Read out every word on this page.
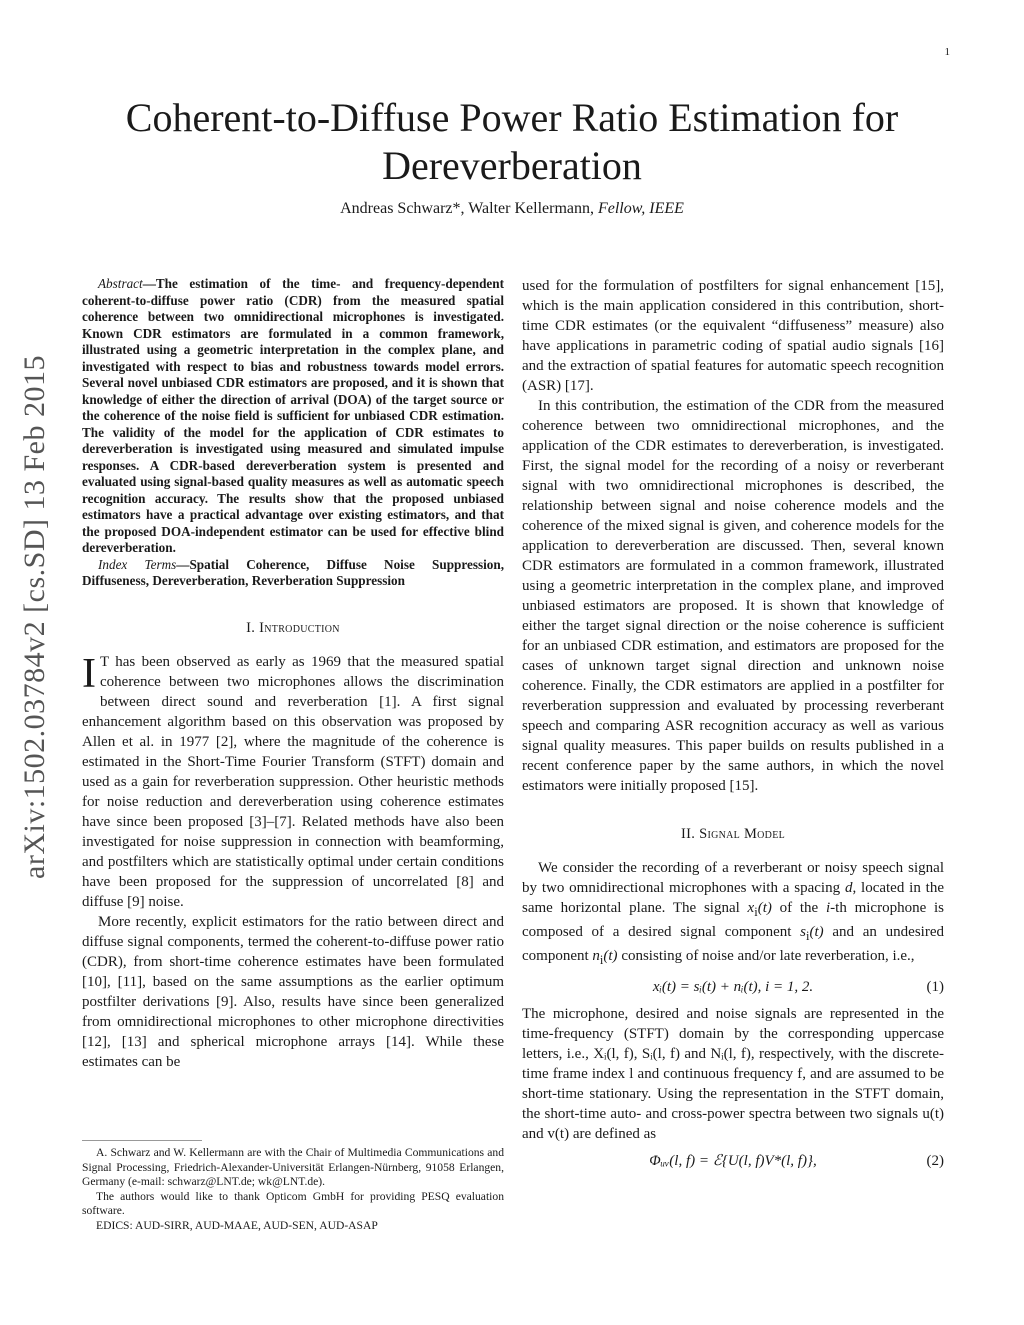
1
arXiv:1502.03784v2 [cs.SD] 13 Feb 2015
Coherent-to-Diffuse Power Ratio Estimation for Dereverberation
Andreas Schwarz*, Walter Kellermann, Fellow, IEEE

Abstract—The estimation of the time- and frequency-dependent coherent-to-diffuse power ratio (CDR) from the measured spatial coherence between two omnidirectional microphones is investigated. Known CDR estimators are formulated in a common framework, illustrated using a geometric interpretation in the complex plane, and investigated with respect to bias and robustness towards model errors. Several novel unbiased CDR estimators are proposed, and it is shown that knowledge of either the direction of arrival (DOA) of the target source or the coherence of the noise field is sufficient for unbiased CDR estimation. The validity of the model for the application of CDR estimates to dereverberation is investigated using measured and simulated impulse responses. A CDR-based dereverberation system is presented and evaluated using signal-based quality measures as well as automatic speech recognition accuracy. The results show that the proposed unbiased estimators have a practical advantage over existing estimators, and that the proposed DOA-independent estimator can be used for effective blind dereverberation.

Index Terms—Spatial Coherence, Diffuse Noise Suppression, Diffuseness, Dereverberation, Reverberation Suppression

I. Introduction

I T has been observed as early as 1969 that the measured spatial coherence between two microphones allows the discrimination between direct sound and reverberation [1]. A first signal enhancement algorithm based on this observation was proposed by Allen et al. in 1977 [2], where the magnitude of the coherence is estimated in the Short-Time Fourier Transform (STFT) domain and used as a gain for reverberation suppression. Other heuristic methods for noise reduction and dereverberation using coherence estimates have since been proposed [3]–[7]. Related methods have also been investigated for noise suppression in connection with beamforming, and postfilters which are statistically optimal under certain conditions have been proposed for the suppression of uncorrelated [8] and diffuse [9] noise.

More recently, explicit estimators for the ratio between direct and diffuse signal components, termed the coherent-to-diffuse power ratio (CDR), from short-time coherence estimates have been formulated [10], [11], based on the same assumptions as the earlier optimum postfilter derivations [9]. Also, results have since been generalized from omnidirectional microphones to other microphone directivities [12], [13] and spherical microphone arrays [14]. While these estimates can be

A. Schwarz and W. Kellermann are with the Chair of Multimedia Communications and Signal Processing, Friedrich-Alexander-Universität Erlangen-Nürnberg, 91058 Erlangen, Germany (e-mail: schwarz@LNT.de; wk@LNT.de).

The authors would like to thank Opticom GmbH for providing PESQ evaluation software.

EDICS: AUD-SIRR, AUD-MAAE, AUD-SEN, AUD-ASAP

used for the formulation of postfilters for signal enhancement [15], which is the main application considered in this contribution, short-time CDR estimates (or the equivalent “diffuseness” measure) also have applications in parametric coding of spatial audio signals [16] and the extraction of spatial features for automatic speech recognition (ASR) [17].

In this contribution, the estimation of the CDR from the measured coherence between two omnidirectional microphones, and the application of the CDR estimates to dereverberation, is investigated. First, the signal model for the recording of a noisy or reverberant signal with two omnidirectional microphones is described, the relationship between signal and noise coherence models and the coherence of the mixed signal is given, and coherence models for the application to dereverberation are discussed. Then, several known CDR estimators are formulated in a common framework, illustrated using a geometric interpretation in the complex plane, and improved unbiased estimators are proposed. It is shown that knowledge of either the target signal direction or the noise coherence is sufficient for an unbiased CDR estimation, and estimators are proposed for the cases of unknown target signal direction and unknown noise coherence. Finally, the CDR estimators are applied in a postfilter for reverberation suppression and evaluated by processing reverberant speech and comparing ASR recognition accuracy as well as various signal quality measures. This paper builds on results published in a recent conference paper by the same authors, in which the novel estimators were initially proposed [15].

II. Signal Model

We consider the recording of a reverberant or noisy speech signal by two omnidirectional microphones with a spacing d, located in the same horizontal plane. The signal $x_i(t)$ of the i-th microphone is composed of a desired signal component $s_i(t)$ and an undesired component $n_i(t)$ consisting of noise and/or late reverberation, i.e.,

xᵢ(t) = sᵢ(t) + nᵢ(t), i = 1, 2.	(1)

The microphone, desired and noise signals are represented in the time-frequency (STFT) domain by the corresponding uppercase letters, i.e., Xᵢ(l, f), Sᵢ(l, f) and Nᵢ(l, f), respectively, with the discrete-time frame index l and continuous frequency f, and are assumed to be short-time stationary. Using the representation in the STFT domain, the short-time auto- and cross-power spectra between two signals u(t) and v(t) are defined as

Φᵤᵥ(l, f) = ℰ{U(l, f)V*(l, f)},	(2)
